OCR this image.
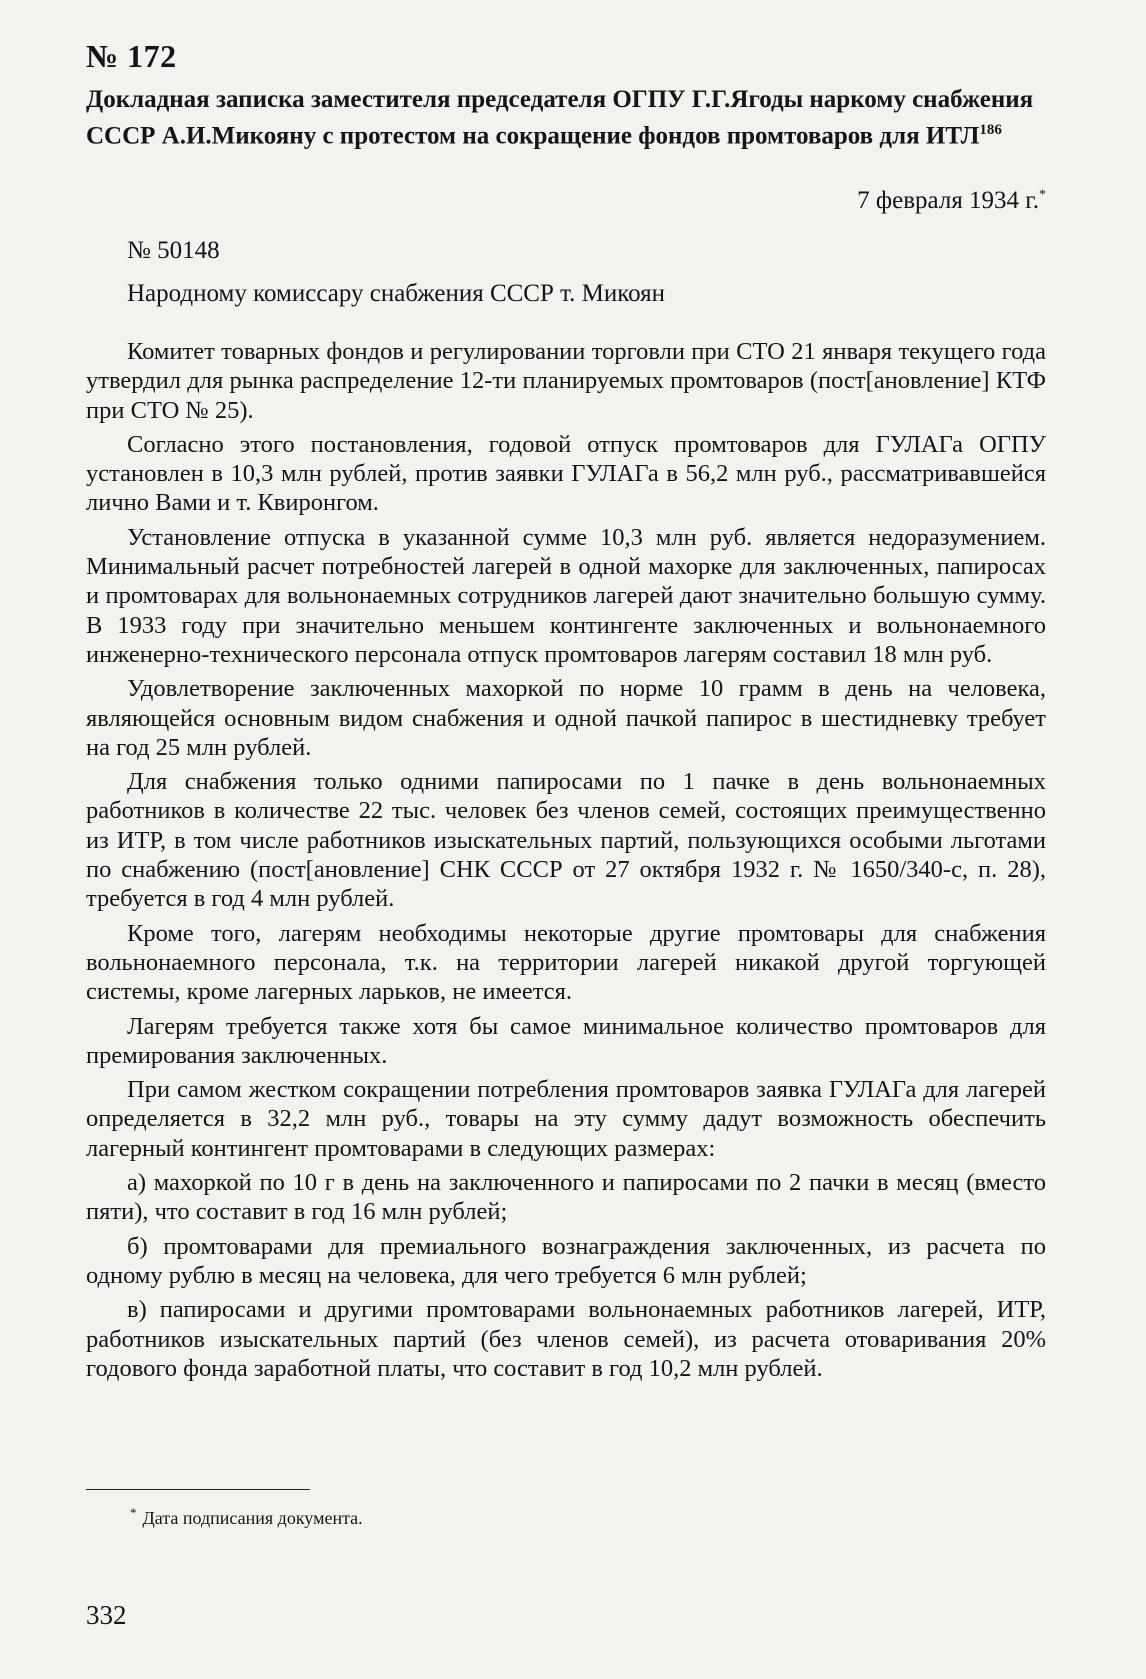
№ 172
Докладная записка заместителя председателя ОГПУ Г.Г.Ягоды наркому снабжения СССР А.И.Микояну с протестом на сокращение фондов промтоваров для ИТЛ$^{186}$
7 февраля 1934 г.*
№ 50148
Народному комиссару снабжения СССР т. Микоян

Комитет товарных фондов и регулировании торговли при СТО 21 января текущего года утвердил для рынка распределение 12-ти планируемых промтоваров (пост[ановление] КТФ при СТО № 25).

Согласно этого постановления, годовой отпуск промтоваров для ГУЛАГа ОГПУ установлен в 10,3 млн рублей, против заявки ГУЛАГа в 56,2 млн руб., рассматривавшейся лично Вами и т. Квиронгом.

Установление отпуска в указанной сумме 10,3 млн руб. является недоразумением. Минимальный расчет потребностей лагерей в одной махорке для заключенных, папиросах и промтоварах для вольнонаемных сотрудников лагерей дают значительно большую сумму. В 1933 году при значительно меньшем контингенте заключенных и вольнонаемного инженерно-технического персонала отпуск промтоваров лагерям составил 18 млн руб.

Удовлетворение заключенных махоркой по норме 10 грамм в день на человека, являющейся основным видом снабжения и одной пачкой папирос в шестидневку требует на год 25 млн рублей.

Для снабжения только одними папиросами по 1 пачке в день вольнонаемных работников в количестве 22 тыс. человек без членов семей, состоящих преимущественно из ИТР, в том числе работников изыскательных партий, пользующихся особыми льготами по снабжению (пост[ановление] СНК СССР от 27 октября 1932 г. № 1650/340-с, п. 28), требуется в год 4 млн рублей.

Кроме того, лагерям необходимы некоторые другие промтовары для снабжения вольнонаемного персонала, т.к. на территории лагерей никакой другой торгующей системы, кроме лагерных ларьков, не имеется.

Лагерям требуется также хотя бы самое минимальное количество промтоваров для премирования заключенных.

При самом жестком сокращении потребления промтоваров заявка ГУЛАГа для лагерей определяется в 32,2 млн руб., товары на эту сумму дадут возможность обеспечить лагерный контингент промтоварами в следующих размерах:

а) махоркой по 10 г в день на заключенного и папиросами по 2 пачки в месяц (вместо пяти), что составит в год 16 млн рублей;

б) промтоварами для премиального вознаграждения заключенных, из расчета по одному рублю в месяц на человека, для чего требуется 6 млн рублей;

в) папиросами и другими промтоварами вольнонаемных работников лагерей, ИТР, работников изыскательных партий (без членов семей), из расчета отоваривания 20% годового фонда заработной платы, что составит в год 10,2 млн рублей.

* Дата подписания документа.
332
